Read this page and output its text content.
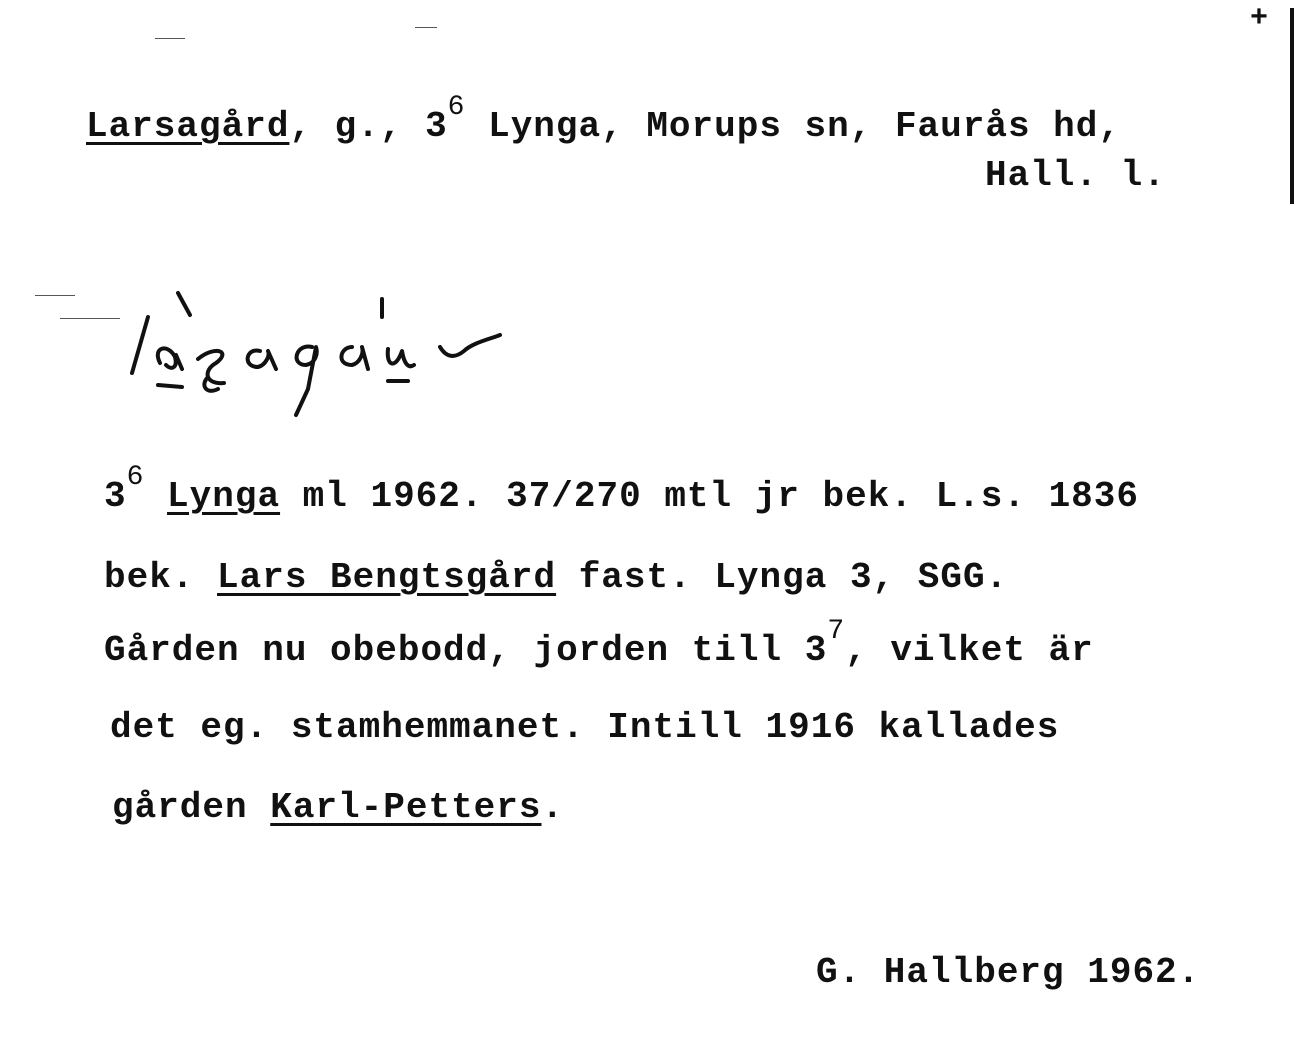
+
Larsagård, g., $3^6$ Lynga, Morups sn, Faurås hd,
Hall. l.
$3^6$ Lynga ml 1962. 37/270 mtl jr bek. L.s. 1836
bek. Lars Bengtsgård fast. Lynga 3, SGG.
Gården nu obebodd, jorden till $3^7$, vilket är
det eg. stamhemmanet. Intill 1916 kallades
gården Karl-Petters.
G. Hallberg 1962.
